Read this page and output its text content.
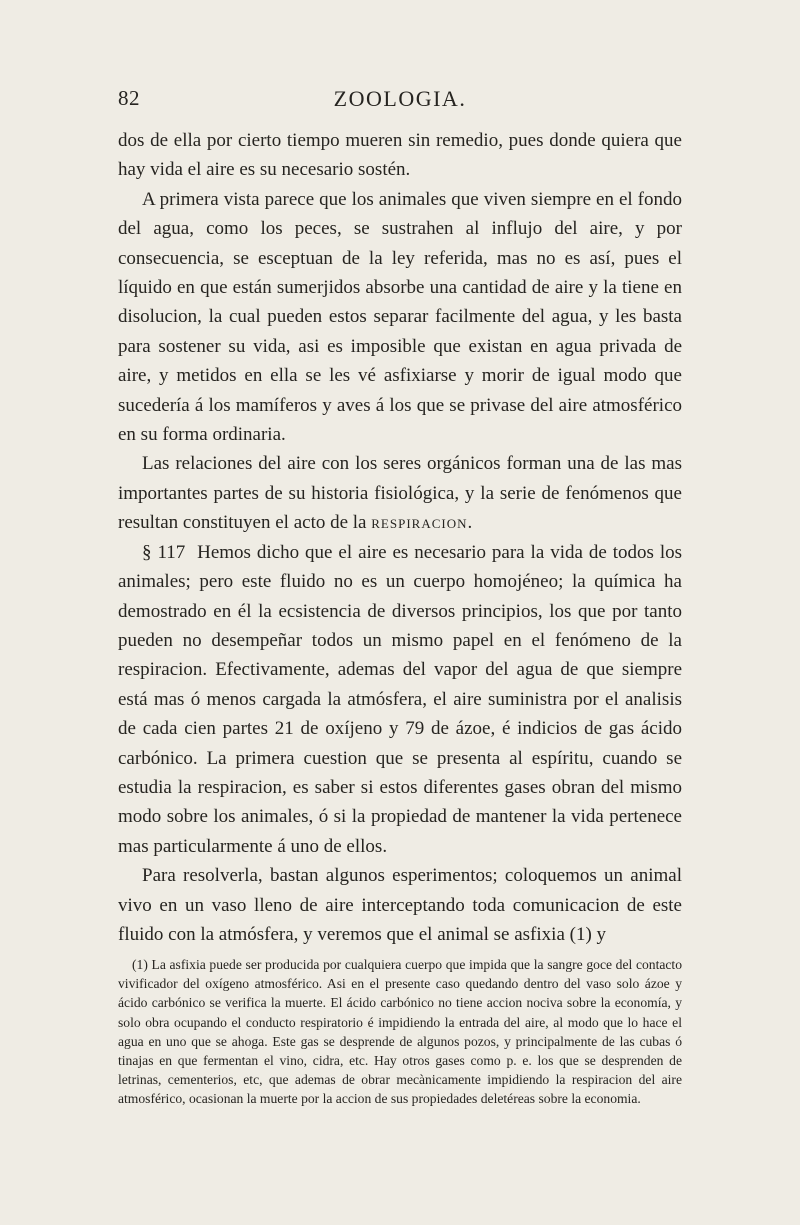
82	ZOOLOGIA.

dos de ella por cierto tiempo mueren sin remedio, pues donde quiera que hay vida el aire es su necesario sostén.

A primera vista parece que los animales que viven siempre en el fondo del agua, como los peces, se sustrahen al influjo del aire, y por consecuencia, se esceptuan de la ley referida, mas no es así, pues el líquido en que están sumerjidos absorbe una cantidad de aire y la tiene en disolucion, la cual pueden estos separar facilmente del agua, y les basta para sostener su vida, asi es imposible que existan en agua privada de aire, y metidos en ella se les vé asfixiarse y morir de igual modo que sucedería á los mamíferos y aves á los que se privase del aire atmosférico en su forma ordinaria.

Las relaciones del aire con los seres orgánicos forman una de las mas importantes partes de su historia fisiológica, y la serie de fenómenos que resultan constituyen el acto de la respiracion.

§ 117 Hemos dicho que el aire es necesario para la vida de todos los animales; pero este fluido no es un cuerpo homojéneo; la química ha demostrado en él la ecsistencia de diversos principios, los que por tanto pueden no desempeñar todos un mismo papel en el fenómeno de la respiracion. Efectivamente, ademas del vapor del agua de que siempre está mas ó menos cargada la atmósfera, el aire suministra por el analisis de cada cien partes 21 de oxíjeno y 79 de ázoe, é indicios de gas ácido carbónico. La primera cuestion que se presenta al espíritu, cuando se estudia la respiracion, es saber si estos diferentes gases obran del mismo modo sobre los animales, ó si la propiedad de mantener la vida pertenece mas particularmente á uno de ellos.

Para resolverla, bastan algunos esperimentos; coloquemos un animal vivo en un vaso lleno de aire interceptando toda comunicacion de este fluido con la atmósfera, y veremos que el animal se asfixia (1) y

(1) La asfixia puede ser producida por cualquiera cuerpo que impida que la sangre goce del contacto vivificador del oxígeno atmosférico. Asi en el presente caso quedando dentro del vaso solo ázoe y ácido carbónico se verifica la muerte. El ácido carbónico no tiene accion nociva sobre la economía, y solo obra ocupando el conducto respiratorio é impidiendo la entrada del aire, al modo que lo hace el agua en uno que se ahoga. Este gas se desprende de algunos pozos, y principalmente de las cubas ó tinajas en que fermentan el vino, cidra, etc. Hay otros gases como p. e. los que se desprenden de letrinas, cementerios, etc, que ademas de obrar mecànicamente impidiendo la respiracion del aire atmosférico, ocasionan la muerte por la accion de sus propiedades deletéreas sobre la economia.
